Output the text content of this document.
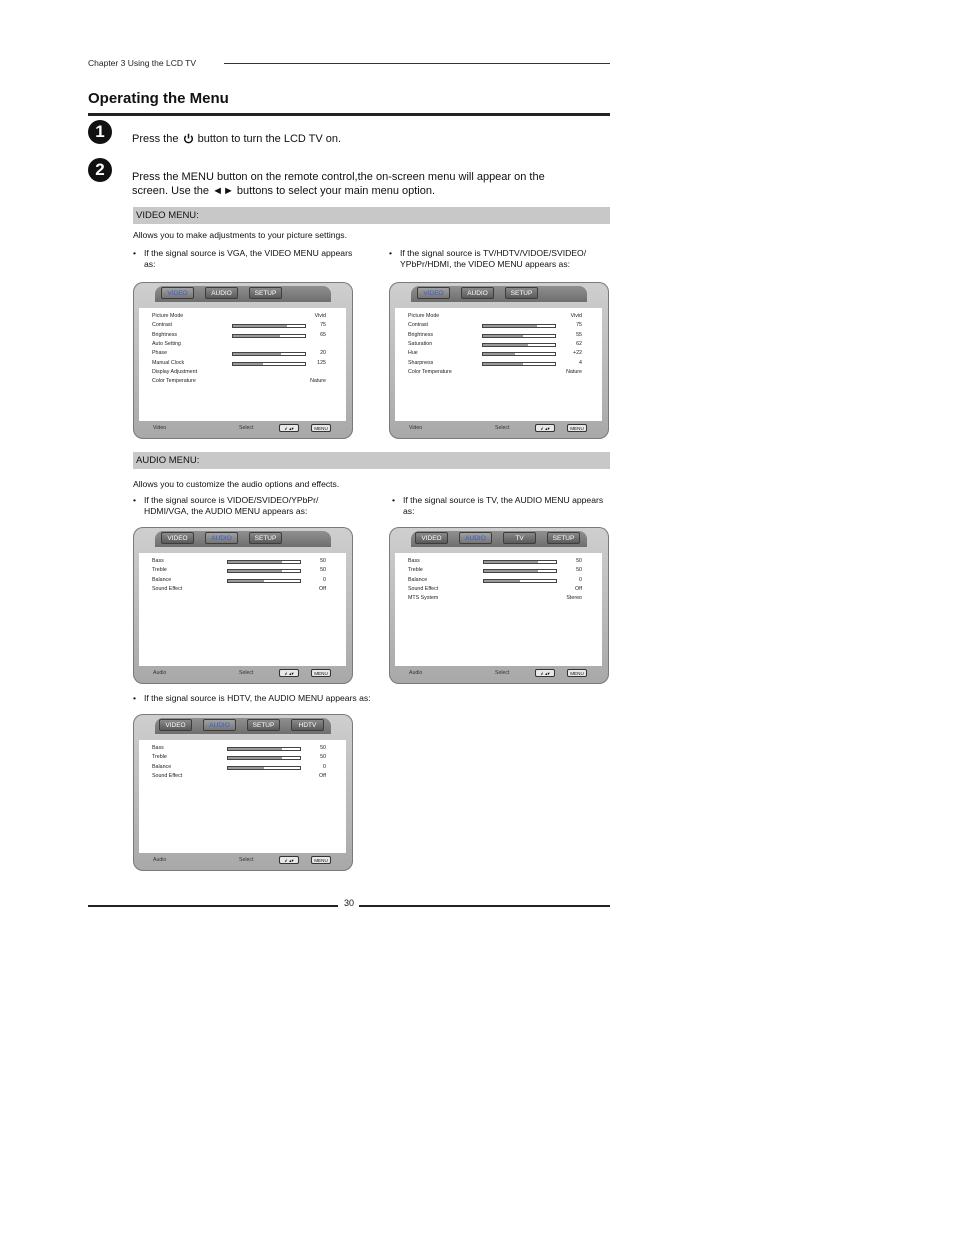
Chapter 3 Using the LCD TV
Operating the Menu
1	Press the button to turn the LCD TV on.
2	Press the MENU button on the remote control,the on-screen menu will appear on the
screen. Use the ◄► buttons to select your main menu option.
VIDEO MENU:
Allows you to make adjustments to your picture settings.
• If the signal source is VGA, the VIDEO MENU appears as:
• If the signal source is TV/HDTV/VIDOE/SVIDEO/ YPbPr/HDMI, the VIDEO MENU appears as:
VIDEO	AUDIO	SETUP
Picture Mode	Vivid
Contrast	75
Brightness	65
Auto Setting
Phase	20
Manual Clock	125
Display Adjustment
Color Temperature	Nature
Video	Select	↲ ▴▾	MENU
VIDEO	AUDIO	SETUP
Picture Mode	Vivid
Contrast	75
Brightness	55
Saturation	62
Hue	+22
Sharpness	4
Color Temperature	Nature
Video	Select	↲ ▴▾	MENU
AUDIO MENU:
Allows you to customize the audio options and effects.
• If the signal source is VIDOE/SVIDEO/YPbPr/ HDMI/VGA, the AUDIO MENU appears as:
• If the signal source is TV, the AUDIO MENU appears as:
VIDEO	AUDIO	SETUP
Bass	50
Treble	50
Balance	0
Sound Effect	Off
Audio	Select	↲ ▴▾	MENU
VIDEO	AUDIO	TV	SETUP
Bass	50
Treble	50
Balance	0
Sound Effect	Off
MTS System	Stereo
Audio	Select	↲ ▴▾	MENU
• If the signal source is HDTV, the AUDIO MENU appears as:
VIDEO	AUDIO	SETUP	HDTV
Bass	50
Treble	50
Balance	0
Sound Effect	Off
Audio	Select	↲ ▴▾	MENU
30
